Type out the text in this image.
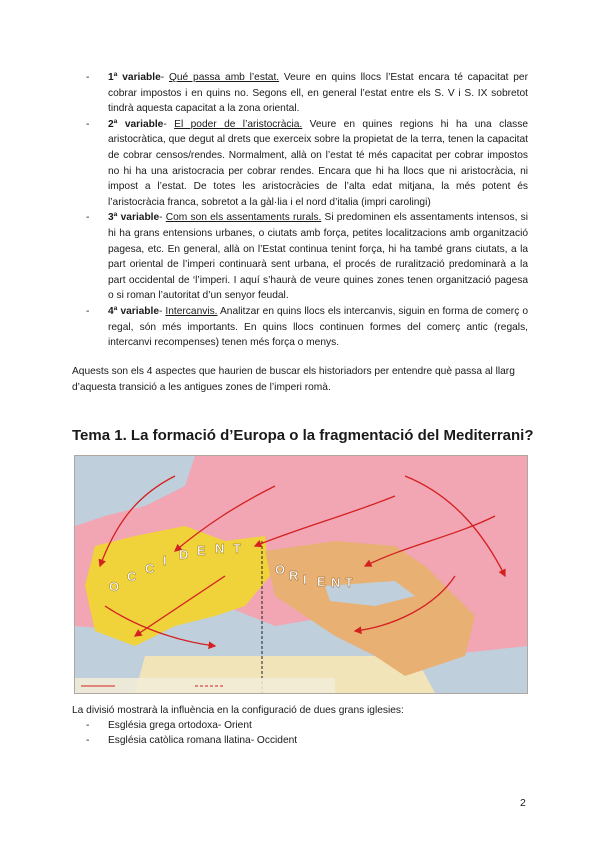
- 1ª variable- Qué passa amb l’estat. Veure en quins llocs l’Estat encara té capacitat per cobrar impostos i en quins no. Segons ell, en general l’estat entre els S. V i S. IX sobretot tindrà aquesta capacitat a la zona oriental.
- 2ª variable- El poder de l’aristocràcia. Veure en quines regions hi ha una classe aristocràtica, que degut al drets que exerceix sobre la propietat de la terra, tenen la capacitat de cobrar censos/rendes. Normalment, allà on l’estat té més capacitat per cobrar impostos no hi ha una aristocracia per cobrar rendes. Encara que hi ha llocs que ni aristocràcia, ni impost a l’estat. De totes les aristocràcies de l’alta edat mitjana, la més potent és l’aristocràcia franca, sobretot a la gàl·lia i el nord d’italia (impri carolingi)
- 3ª variable- Com son els assentaments rurals. Si predominen els assentaments intensos, si hi ha grans entensions urbanes, o ciutats amb força, petites localitzacions amb organització pagesa, etc. En general, allà on l’Estat continua tenint força, hi ha també grans ciutats, a la part oriental de l’imperi continuarà sent urbana, el procés de ruralització predominarà a la part occidental de ‘l’imperi. I aquí s’haurà de veure quines zones tenen organització pagesa o si roman l’autoritat d’un senyor feudal.
- 4ª variable- Intercanvis. Analitzar en quins llocs els intercanvis, siguin en forma de comerç o regal, són més importants. En quins llocs continuen formes del comerç antic (regals, intercanvi recompenses) tenen més força o menys.

Aquests son els 4 aspectes que haurien de buscar els historiadors per entendre què passa al llarg d’aquesta transició a les antigues zones de l’imperi romà.

Tema 1. La formació d’Europa o la fragmentació del Mediterrani?
O
C
C
I D E N T
O R I E N T

La divisió mostrarà la influència en la configuració de dues grans iglesies:

- Església grega ortodoxa- Orient
- Església catòlica romana llatina- Occident
2
